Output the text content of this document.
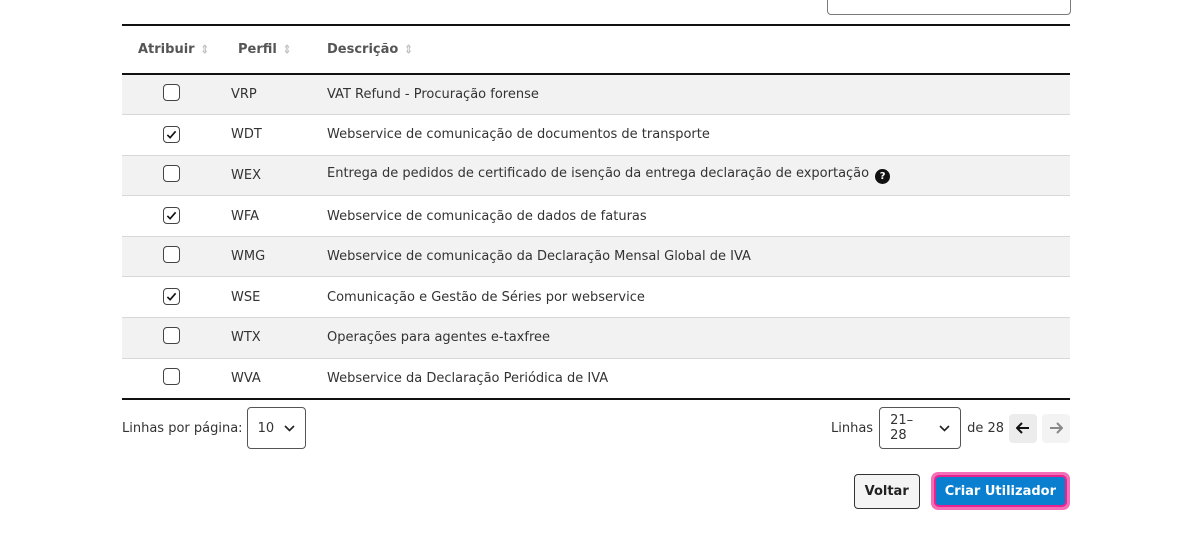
Atribuir ⇕	Perfil ⇕	Descrição ⇕
	VRP	VAT Refund - Procuração forense

	WDT	Webservice de comunicação de documentos de transporte
	WEX	Entrega de pedidos de certificado de isenção da entrega declaração de exportação ?

	WFA	Webservice de comunicação de dados de faturas
	WMG	Webservice de comunicação da Declaração Mensal Global de IVA

	WSE	Comunicação e Gestão de Séries por webservice
	WTX	Operações para agentes e-taxfree
	WVA	Webservice da Declaração Periódica de IVA
Linhas por página: 10	Linhas 21–28	de 28
Voltar	Criar Utilizador
